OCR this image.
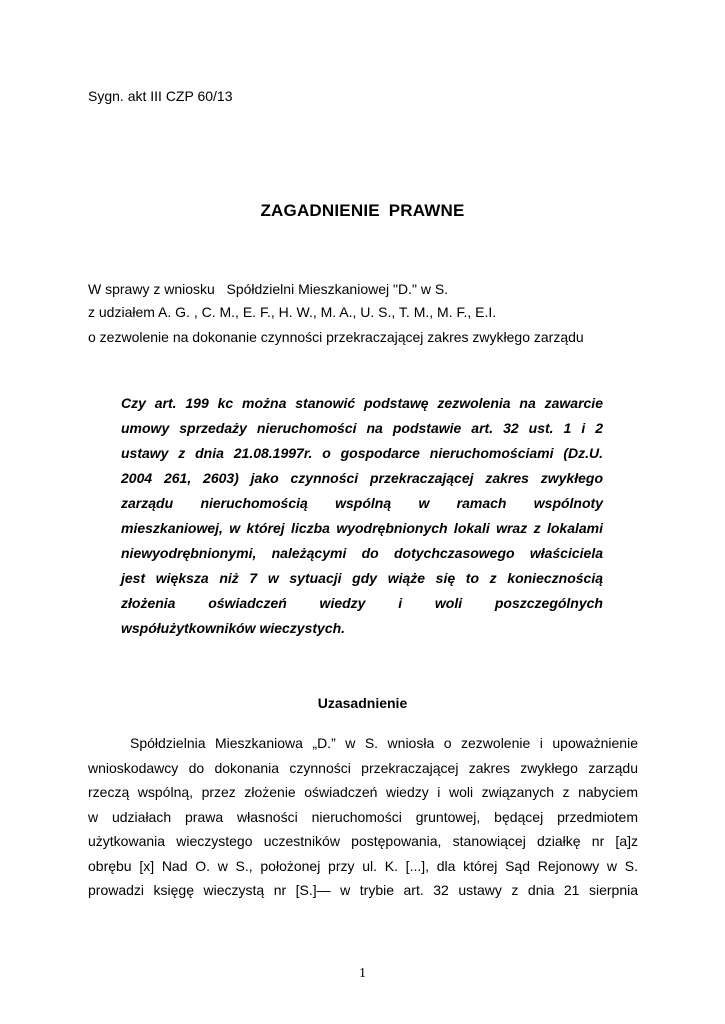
Sygn. akt III CZP 60/13
ZAGADNIENIE PRAWNE
W sprawy z wniosku   Spółdzielni Mieszkaniowej "D." w S.
z udziałem A. G. , C. M., E. F., H. W., M. A., U. S., T. M., M. F., E.I.
o zezwolenie na dokonanie czynności przekraczającej zakres zwykłego zarządu
Czy art. 199 kc można stanowić podstawę zezwolenia na zawarcie
umowy sprzedaży nieruchomości na podstawie art. 32 ust. 1 i 2
ustawy z dnia 21.08.1997r. o gospodarce nieruchomościami (Dz.U.
2004 261, 2603) jako czynności przekraczającej zakres zwykłego
zarządu nieruchomością wspólną w ramach wspólnoty
mieszkaniowej, w której liczba wyodrębnionych lokali wraz z lokalami
niewyodrębnionymi, należącymi do dotychczasowego właściciela
jest większa niż 7 w sytuacji gdy wiąże się to z koniecznością
złożenia oświadczeń wiedzy i woli poszczególnych
współużytkowników wieczystych.
Uzasadnienie
Spółdzielnia Mieszkaniowa „D.” w S. wniosła o zezwolenie i upoważnienie
wnioskodawcy do dokonania czynności przekraczającej zakres zwykłego zarządu
rzeczą wspólną, przez złożenie oświadczeń wiedzy i woli związanych z nabyciem
w udziałach prawa własności nieruchomości gruntowej, będącej przedmiotem
użytkowania wieczystego uczestników postępowania, stanowiącej działkę nr [a]z
obrębu [x] Nad O. w S., położonej przy ul. K. [...], dla której Sąd Rejonowy w S.
prowadzi księgę wieczystą nr [S.]— w trybie art. 32 ustawy z dnia 21 sierpnia
1
